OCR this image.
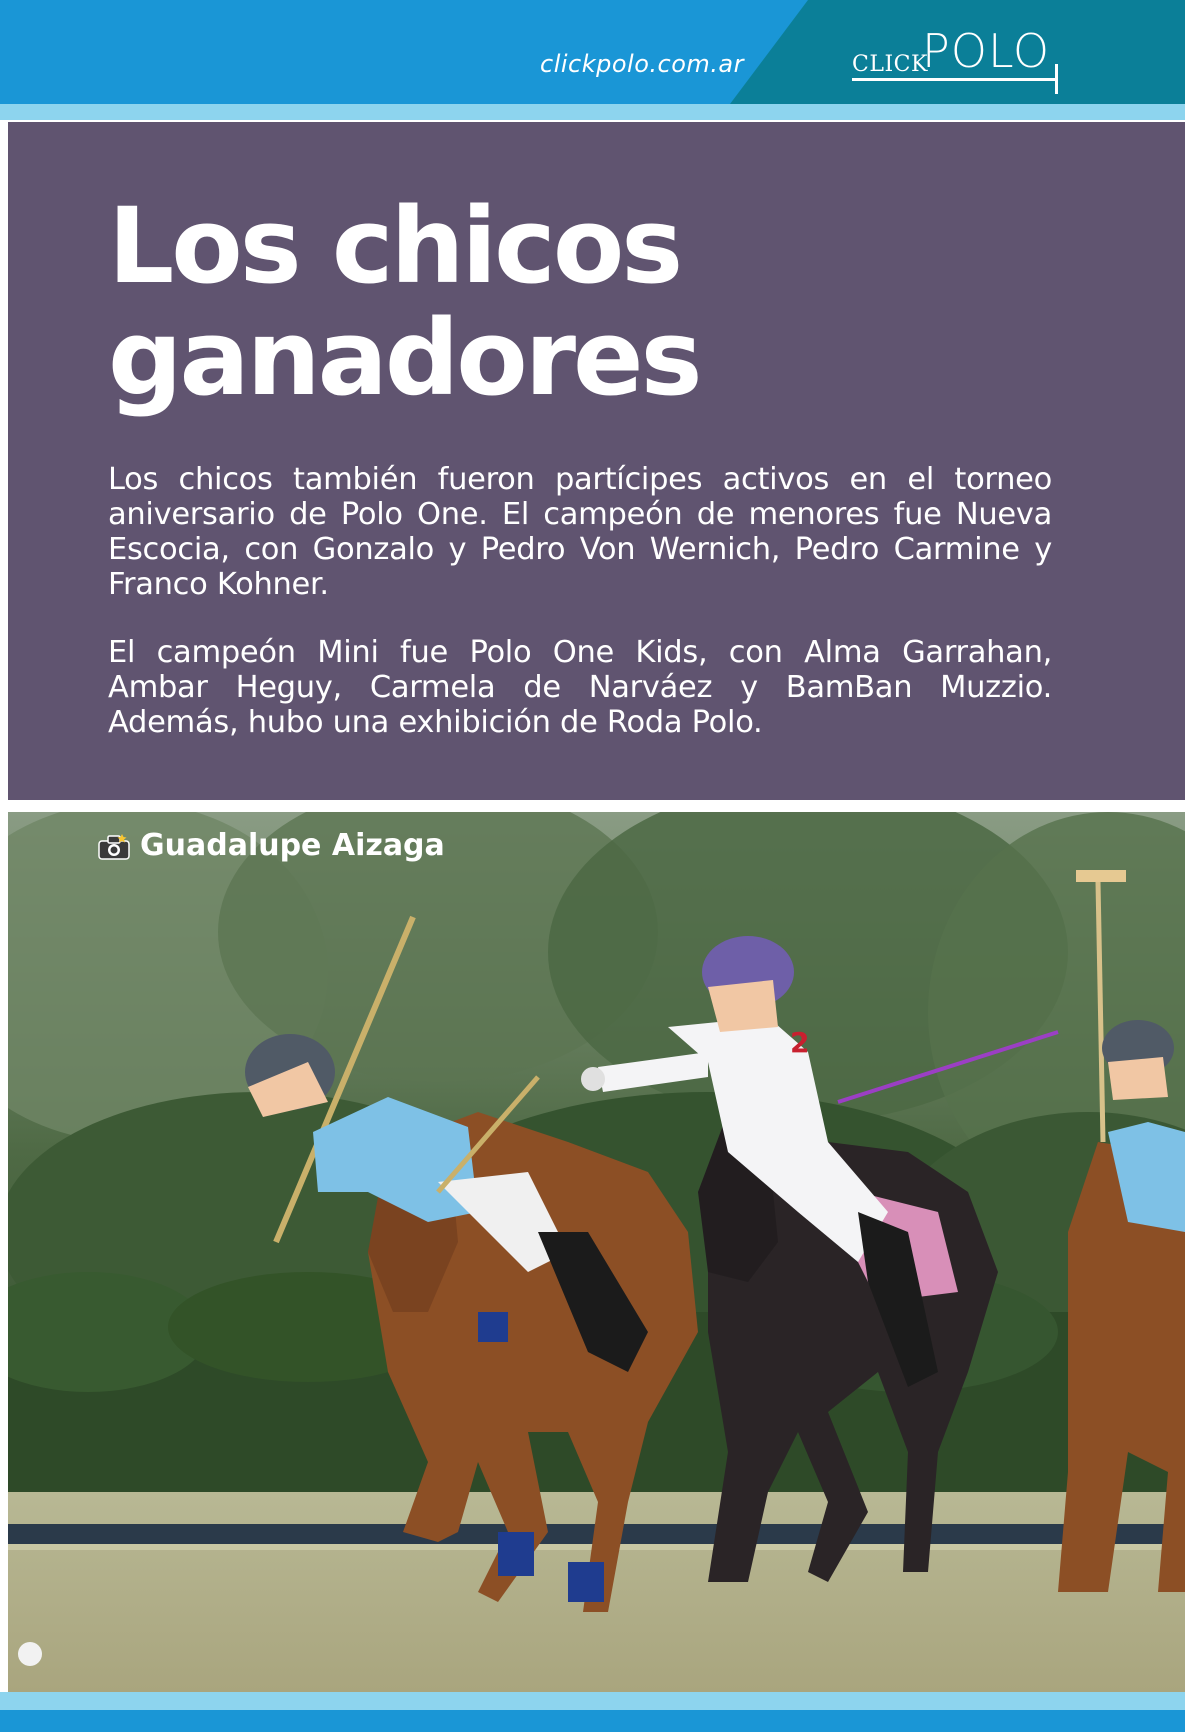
clickpolo.com.ar	CLICK
POLO
Los chicos
ganadores

Los chicos también fueron partícipes activos en el torneo aniversario de Polo One. El campeón de menores fue Nueva Escocia, con Gonzalo y Pedro Von Wernich, Pedro Carmine y Franco Kohner.

El campeón Mini fue Polo One Kids, con Alma Garrahan, Ambar Heguy, Carmela de Narváez y BamBan Muzzio. Además, hubo una exhibición de Roda Polo.

2
Guadalupe Aizaga
